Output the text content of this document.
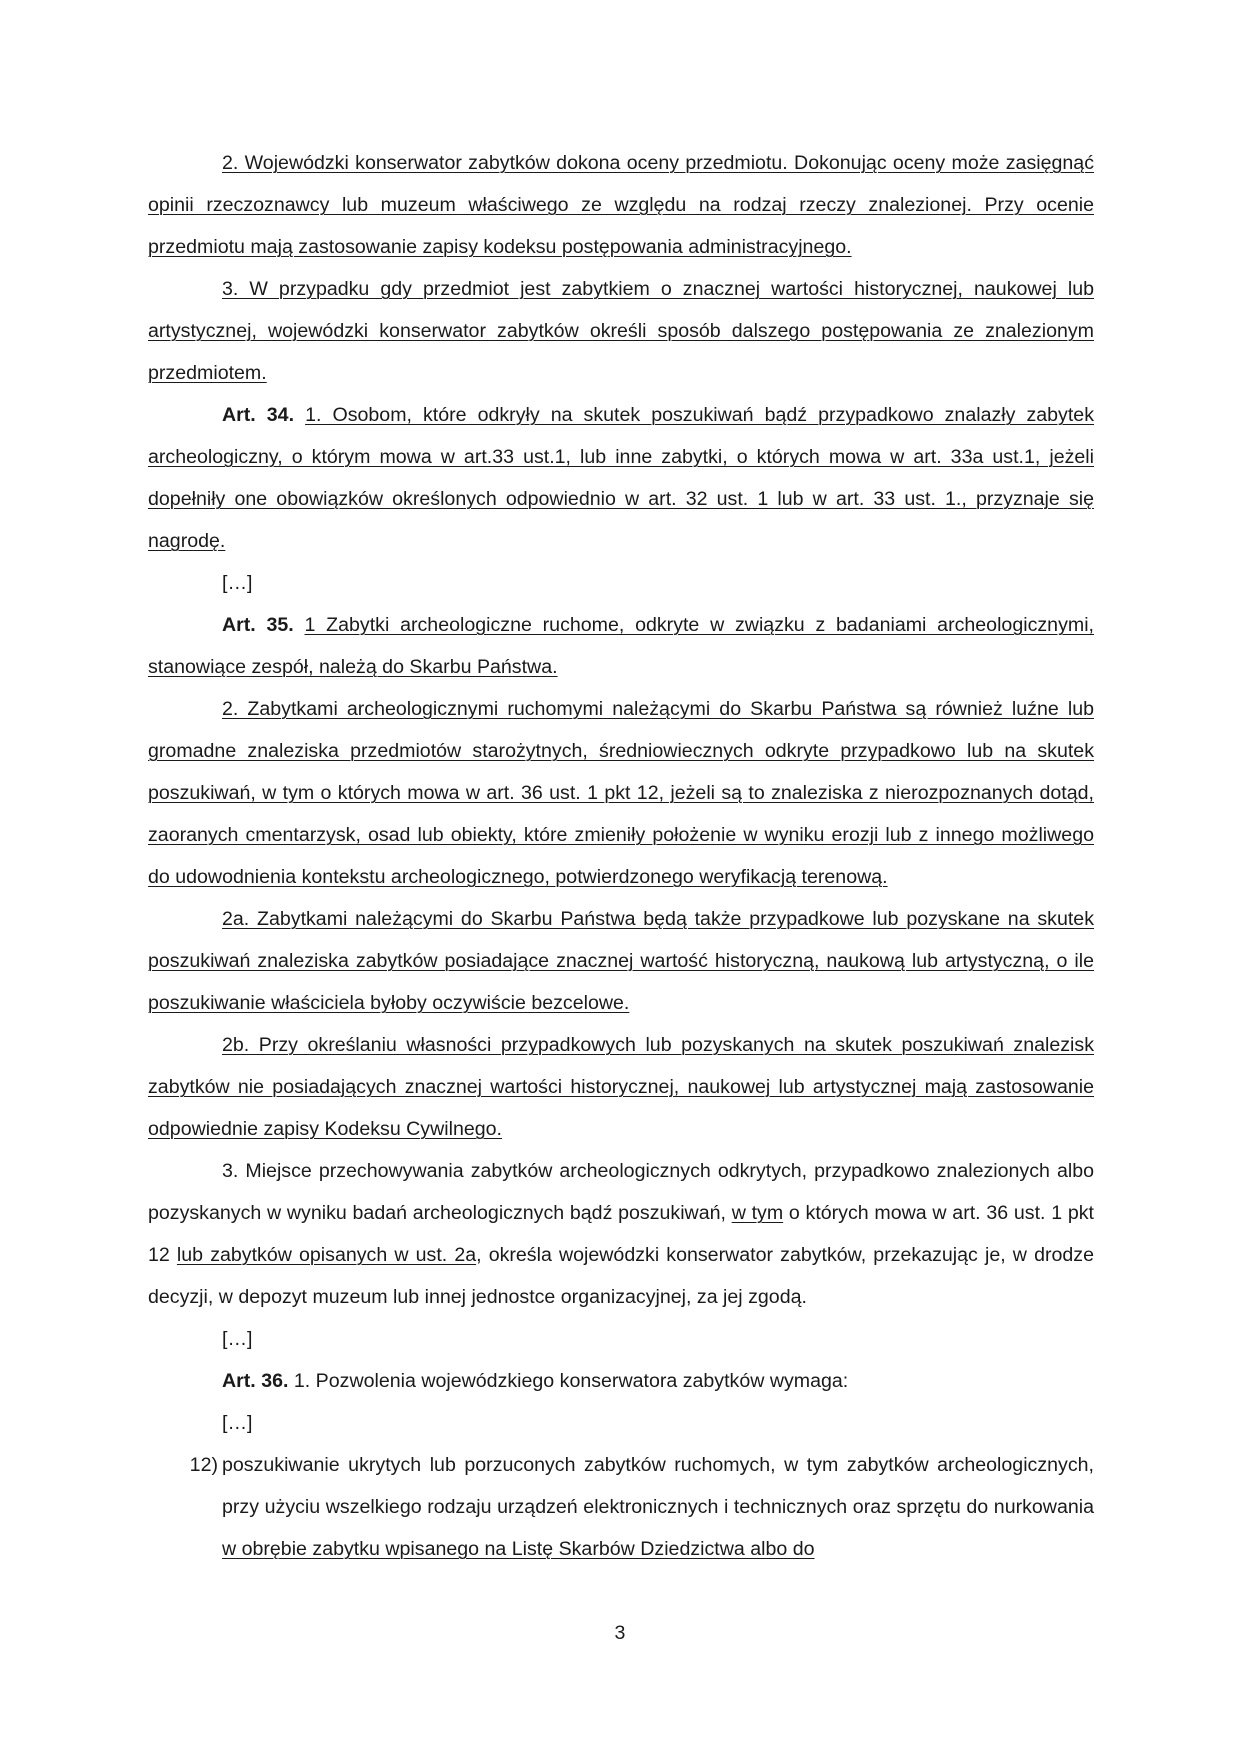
2. Wojewódzki konserwator zabytków dokona oceny przedmiotu. Dokonując oceny może zasięgnąć opinii rzeczoznawcy lub muzeum właściwego ze względu na rodzaj rzeczy znalezionej. Przy ocenie przedmiotu mają zastosowanie zapisy kodeksu postępowania administracyjnego.

3. W przypadku gdy przedmiot jest zabytkiem o znacznej wartości historycznej, naukowej lub artystycznej, wojewódzki konserwator zabytków określi sposób dalszego postępowania ze znalezionym przedmiotem.

Art. 34. 1. Osobom, które odkryły na skutek poszukiwań bądź przypadkowo znalazły zabytek archeologiczny, o którym mowa w art.33 ust.1, lub inne zabytki, o których mowa w art. 33a ust.1, jeżeli dopełniły one obowiązków określonych odpowiednio w art. 32 ust. 1 lub w art. 33 ust. 1., przyznaje się nagrodę.

[…]

Art. 35. 1 Zabytki archeologiczne ruchome, odkryte w związku z badaniami archeologicznymi, stanowiące zespół, należą do Skarbu Państwa.

2. Zabytkami archeologicznymi ruchomymi należącymi do Skarbu Państwa są również luźne lub gromadne znaleziska przedmiotów starożytnych, średniowiecznych odkryte przypadkowo lub na skutek poszukiwań, w tym o których mowa w art. 36 ust. 1 pkt 12, jeżeli są to znaleziska z nierozpoznanych dotąd, zaoranych cmentarzysk, osad lub obiekty, które zmieniły położenie w wyniku erozji lub z innego możliwego do udowodnienia kontekstu archeologicznego, potwierdzonego weryfikacją terenową.

2a. Zabytkami należącymi do Skarbu Państwa będą także przypadkowe lub pozyskane na skutek poszukiwań znaleziska zabytków posiadające znacznej wartość historyczną, naukową lub artystyczną, o ile poszukiwanie właściciela byłoby oczywiście bezcelowe.

2b. Przy określaniu własności przypadkowych lub pozyskanych na skutek poszukiwań znalezisk zabytków nie posiadających znacznej wartości historycznej, naukowej lub artystycznej mają zastosowanie odpowiednie zapisy Kodeksu Cywilnego.

3. Miejsce przechowywania zabytków archeologicznych odkrytych, przypadkowo znalezionych albo pozyskanych w wyniku badań archeologicznych bądź poszukiwań, w tym o których mowa w art. 36 ust. 1 pkt 12 lub zabytków opisanych w ust. 2a, określa wojewódzki konserwator zabytków, przekazując je, w drodze decyzji, w depozyt muzeum lub innej jednostce organizacyjnej, za jej zgodą.

[…]

Art. 36. 1. Pozwolenia wojewódzkiego konserwatora zabytków wymaga:

[…]

12) poszukiwanie ukrytych lub porzuconych zabytków ruchomych, w tym zabytków archeologicznych, przy użyciu wszelkiego rodzaju urządzeń elektronicznych i technicznych oraz sprzętu do nurkowania w obrębie zabytku wpisanego na Listę Skarbów Dziedzictwa albo do
3
